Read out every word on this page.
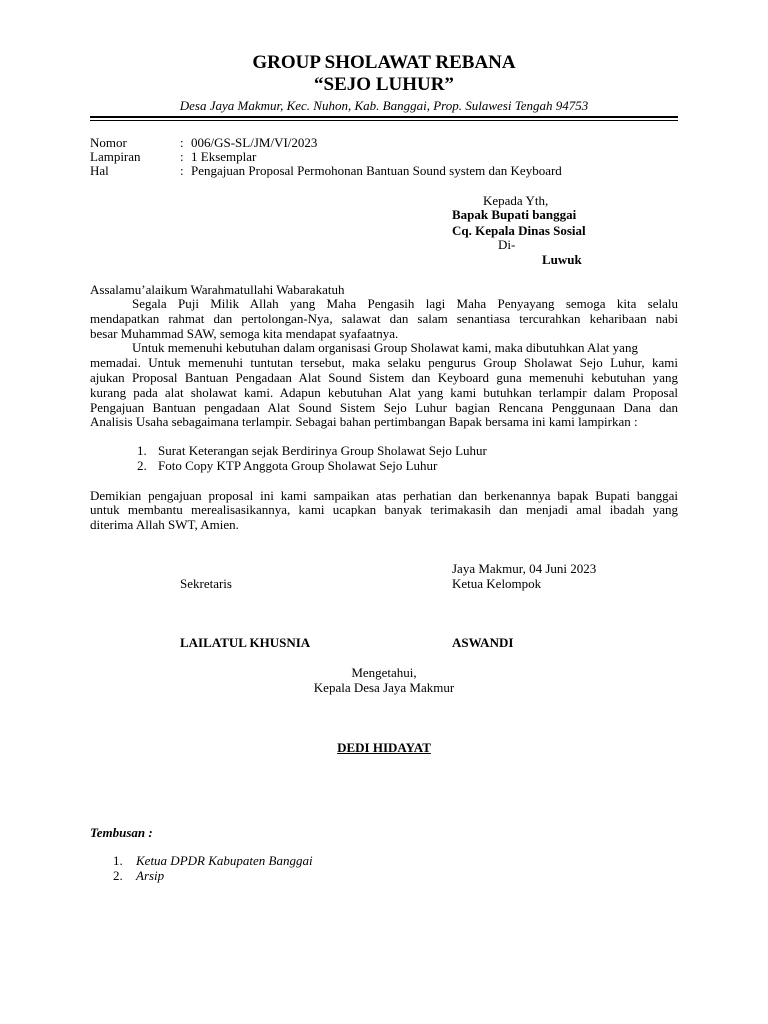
GROUP SHOLAWAT REBANA
“SEJO LUHUR”
Desa Jaya Makmur, Kec. Nuhon, Kab. Banggai, Prop. Sulawesi Tengah 94753
Nomor	: 006/GS-SL/JM/VI/2023
Lampiran	: 1 Eksemplar
Hal	: Pengajuan Proposal Permohonan Bantuan Sound system dan Keyboard
Kepada Yth,
Bapak Bupati banggai
Cq. Kepala Dinas Sosial
Di-
Luwuk
Assalamu’alaikum Warahmatullahi Wabarakatuh
Segala Puji Milik Allah yang Maha Pengasih lagi Maha Penyayang semoga kita selalu
mendapatkan rahmat dan pertolongan-Nya, salawat dan salam senantiasa tercurahkan keharibaan nabi
besar Muhammad SAW, semoga kita mendapat syafaatnya.
Untuk memenuhi kebutuhan dalam organisasi Group Sholawat kami, maka dibutuhkan Alat yang
memadai. Untuk memenuhi tuntutan tersebut, maka selaku pengurus Group Sholawat Sejo Luhur, kami
ajukan Proposal Bantuan Pengadaan Alat Sound Sistem dan Keyboard guna memenuhi kebutuhan yang
kurang pada alat sholawat kami. Adapun kebutuhan Alat yang kami butuhkan terlampir dalam Proposal
Pengajuan Bantuan pengadaan Alat Sound Sistem Sejo Luhur bagian Rencana Penggunaan Dana dan
Analisis Usaha sebagaimana terlampir. Sebagai bahan pertimbangan Bapak bersama ini kami lampirkan :
1. Surat Keterangan sejak Berdirinya Group Sholawat Sejo Luhur
2. Foto Copy KTP Anggota Group Sholawat Sejo Luhur
Demikian pengajuan proposal ini kami sampaikan atas perhatian dan berkenannya bapak Bupati banggai
untuk membantu merealisasikannya, kami ucapkan banyak terimakasih dan menjadi amal ibadah yang
diterima Allah SWT, Amien.
Jaya Makmur, 04 Juni 2023
Sekretaris	Ketua Kelompok
LAILATUL KHUSNIA	ASWANDI
Mengetahui,
Kepala Desa Jaya Makmur
DEDI HIDAYAT
Tembusan :
1. Ketua DPDR Kabupaten Banggai
2. Arsip
